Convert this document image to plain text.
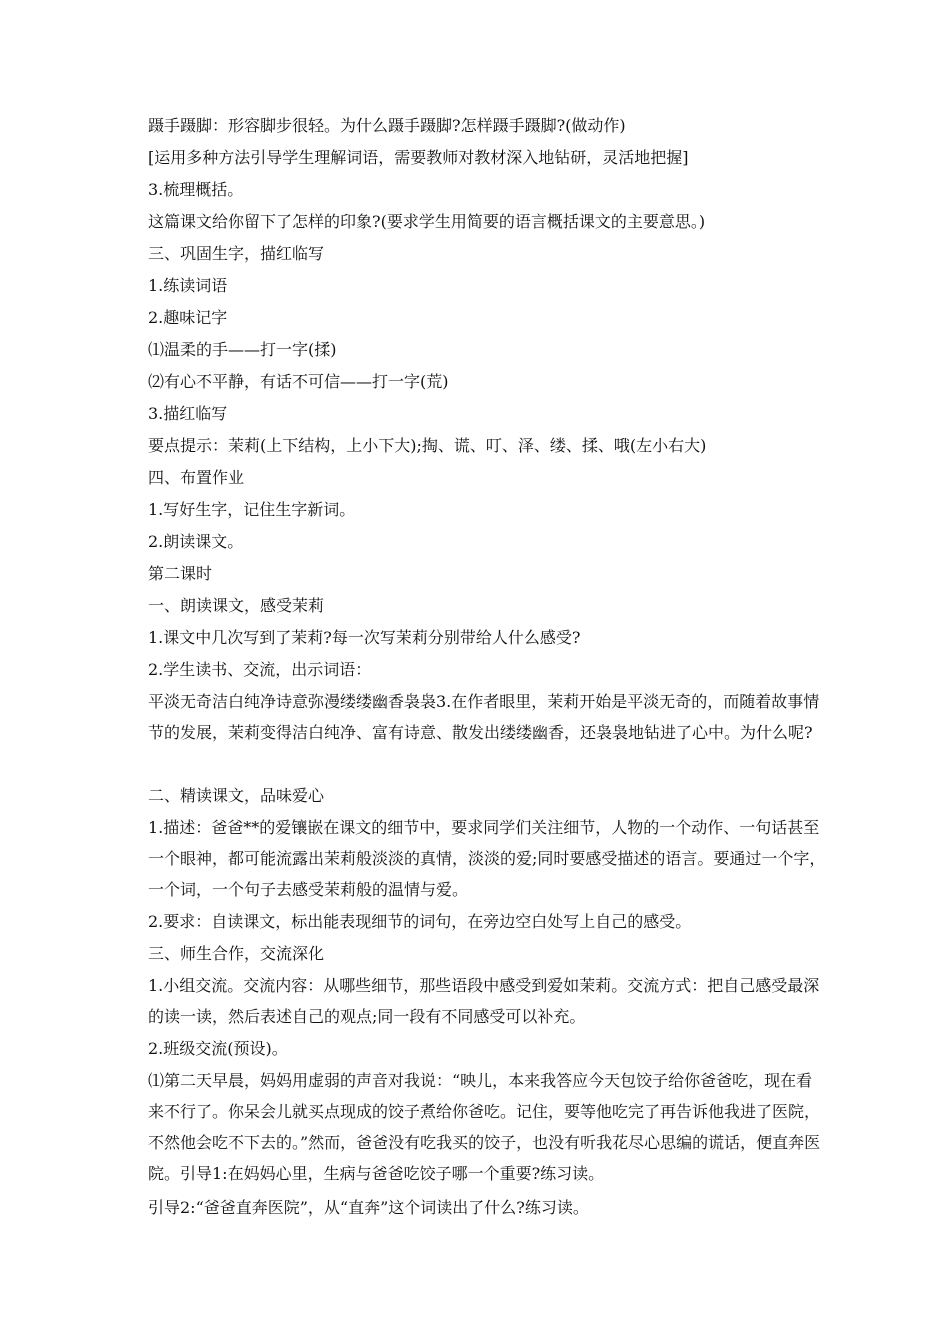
蹑手蹑脚：形容脚步很轻。为什么蹑手蹑脚?怎样蹑手蹑脚?(做动作)
[运用多种方法引导学生理解词语，需要教师对教材深入地钻研，灵活地把握]
3.梳理概括。
这篇课文给你留下了怎样的印象?(要求学生用简要的语言概括课文的主要意思。)
三、巩固生字，描红临写
1.练读词语
2.趣味记字
⑴温柔的手——打一字(揉)
⑵有心不平静，有话不可信——打一字(荒)
3.描红临写
要点提示：茉莉(上下结构，上小下大);掏、谎、叮、泽、缕、揉、哦(左小右大)
四、布置作业
1.写好生字，记住生字新词。
2.朗读课文。
第二课时
一、朗读课文，感受茉莉
1.课文中几次写到了茉莉?每一次写茉莉分别带给人什么感受?
2.学生读书、交流，出示词语：
平淡无奇洁白纯净诗意弥漫缕缕幽香袅袅3.在作者眼里，茉莉开始是平淡无奇的，而随着故事情节的发展，茉莉变得洁白纯净、富有诗意、散发出缕缕幽香，还袅袅地钻进了心中。为什么呢?
二、精读课文，品味爱心
1.描述：爸爸**的爱镶嵌在课文的细节中，要求同学们关注细节，人物的一个动作、一句话甚至一个眼神，都可能流露出茉莉般淡淡的真情，淡淡的爱;同时要感受描述的语言。要通过一个字，一个词，一个句子去感受茉莉般的温情与爱。
2.要求：自读课文，标出能表现细节的词句，在旁边空白处写上自己的感受。
三、师生合作，交流深化
1.小组交流。交流内容：从哪些细节，那些语段中感受到爱如茉莉。交流方式：把自己感受最深的读一读，然后表述自己的观点;同一段有不同感受可以补充。
2.班级交流(预设)。
⑴第二天早晨，妈妈用虚弱的声音对我说：“映儿，本来我答应今天包饺子给你爸爸吃，现在看来不行了。你呆会儿就买点现成的饺子煮给你爸吃。记住，要等他吃完了再告诉他我进了医院，不然他会吃不下去的。”然而，爸爸没有吃我买的饺子，也没有听我花尽心思编的谎话，便直奔医院。引导1:在妈妈心里，生病与爸爸吃饺子哪一个重要?练习读。
引导2:“爸爸直奔医院”，从“直奔”这个词读出了什么?练习读。
